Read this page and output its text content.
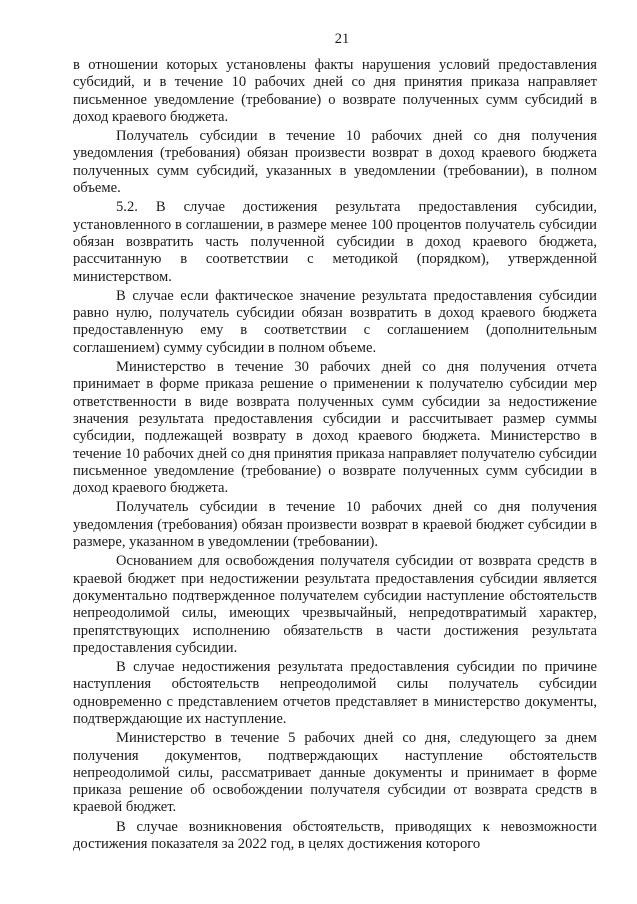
21

в отношении которых установлены факты нарушения условий предоставления субсидий, и в течение 10 рабочих дней со дня принятия приказа направляет письменное уведомление (требование) о возврате полученных сумм субсидий в доход краевого бюджета.

Получатель субсидии в течение 10 рабочих дней со дня получения уведомления (требования) обязан произвести возврат в доход краевого бюджета полученных сумм субсидий, указанных в уведомлении (требовании), в полном объеме.

5.2. В случае достижения результата предоставления субсидии, установленного в соглашении, в размере менее 100 процентов получатель субсидии обязан возвратить часть полученной субсидии в доход краевого бюджета, рассчитанную в соответствии с методикой (порядком), утвержденной министерством.

В случае если фактическое значение результата предоставления субсидии равно нулю, получатель субсидии обязан возвратить в доход краевого бюджета предоставленную ему в соответствии с соглашением (дополнительным соглашением) сумму субсидии в полном объеме.

Министерство в течение 30 рабочих дней со дня получения отчета принимает в форме приказа решение о применении к получателю субсидии мер ответственности в виде возврата полученных сумм субсидии за недостижение значения результата предоставления субсидии и рассчитывает размер суммы субсидии, подлежащей возврату в доход краевого бюджета. Министерство в течение 10 рабочих дней со дня принятия приказа направляет получателю субсидии письменное уведомление (требование) о возврате полученных сумм субсидии в доход краевого бюджета.

Получатель субсидии в течение 10 рабочих дней со дня получения уведомления (требования) обязан произвести возврат в краевой бюджет субсидии в размере, указанном в уведомлении (требовании).

Основанием для освобождения получателя субсидии от возврата средств в краевой бюджет при недостижении результата предоставления субсидии является документально подтвержденное получателем субсидии наступление обстоятельств непреодолимой силы, имеющих чрезвычайный, непредотвратимый характер, препятствующих исполнению обязательств в части достижения результата предоставления субсидии.

В случае недостижения результата предоставления субсидии по причине наступления обстоятельств непреодолимой силы получатель субсидии одновременно с представлением отчетов представляет в министерство документы, подтверждающие их наступление.

Министерство в течение 5 рабочих дней со дня, следующего за днем получения документов, подтверждающих наступление обстоятельств непреодолимой силы, рассматривает данные документы и принимает в форме приказа решение об освобождении получателя субсидии от возврата средств в краевой бюджет.

В случае возникновения обстоятельств, приводящих к невозможности достижения показателя за 2022 год, в целях достижения которого
